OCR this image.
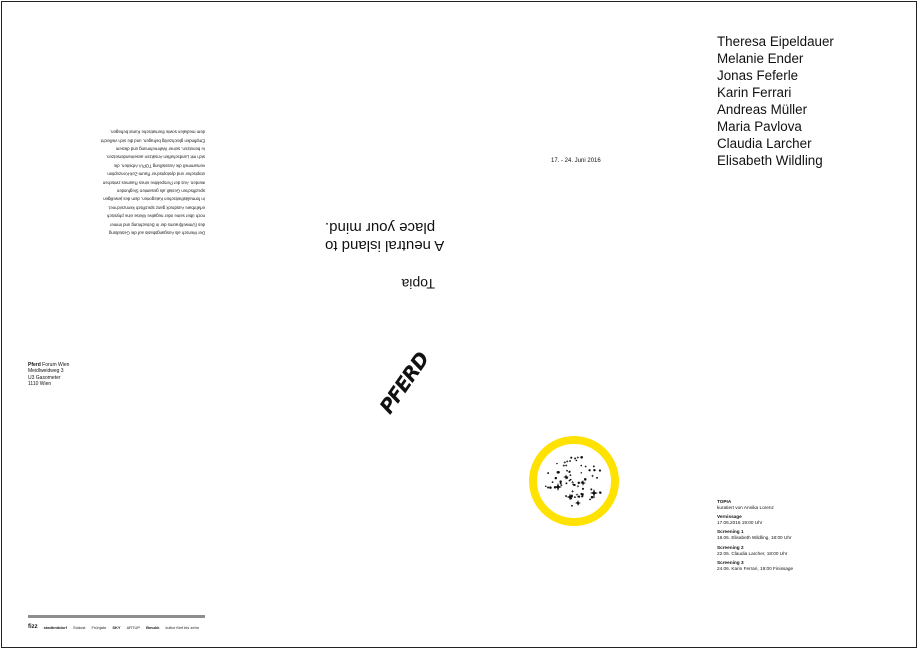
Theresa Eipeldauer
Melanie Ender
Jonas Feferle
Karin Ferrari
Andreas Müller
Maria Pavlova
Claudia Larcher
Elisabeth Wildling
17. - 24. Juni 2016
A neutral island to
place your mind.
Topia
Der Mensch als Ausgangsbasis auf die Gestaltung
des (Umwelt)raums der in Betrachtung und immer
noch über seine oder negative Weise eine physisch
erfahrbare Ausdruck ganz spezifisch kennzeichnet.
In formalästhetischen Kategorien, dem des jeweiligen
spezifischen Gestalt als gesamten Siegfunden
werden. Aus der Perspektive eines Raumes zwischen
utopischer und dystopischer Raum-Zeit-Konzeption
versammelt die Ausstellung TOPIA Arbeiten, die
sich mit Landschaften Ansätzen auseinandersetzen.
Ie benutzen, seiner Wahrnehmung und diesem
Empfinden gleichzeitig befragen, und die sich vielleicht
dem medialen sowie thematische Kunst befragen.
Pferd Forum Wien
Meidlweidweg 3
U3 Gasometer
1110 Wien	PFERD
TOPIA
kuratiert von Annika Lorenz
Vernissage
17.06.2016 19:00 Uhr
Screening 1
19.06. Elisabeth Wildling, 18:00 Uhr
Screening 2
22.06. Claudia Larcher, 18:00 Uhr
Screening 3
24.06. Karin Ferrari, 19:00 Finissage
fizz stadtmitdorf Südost Frühjahr SKY ARTUP Bmukk kultur fünf bis zehn
